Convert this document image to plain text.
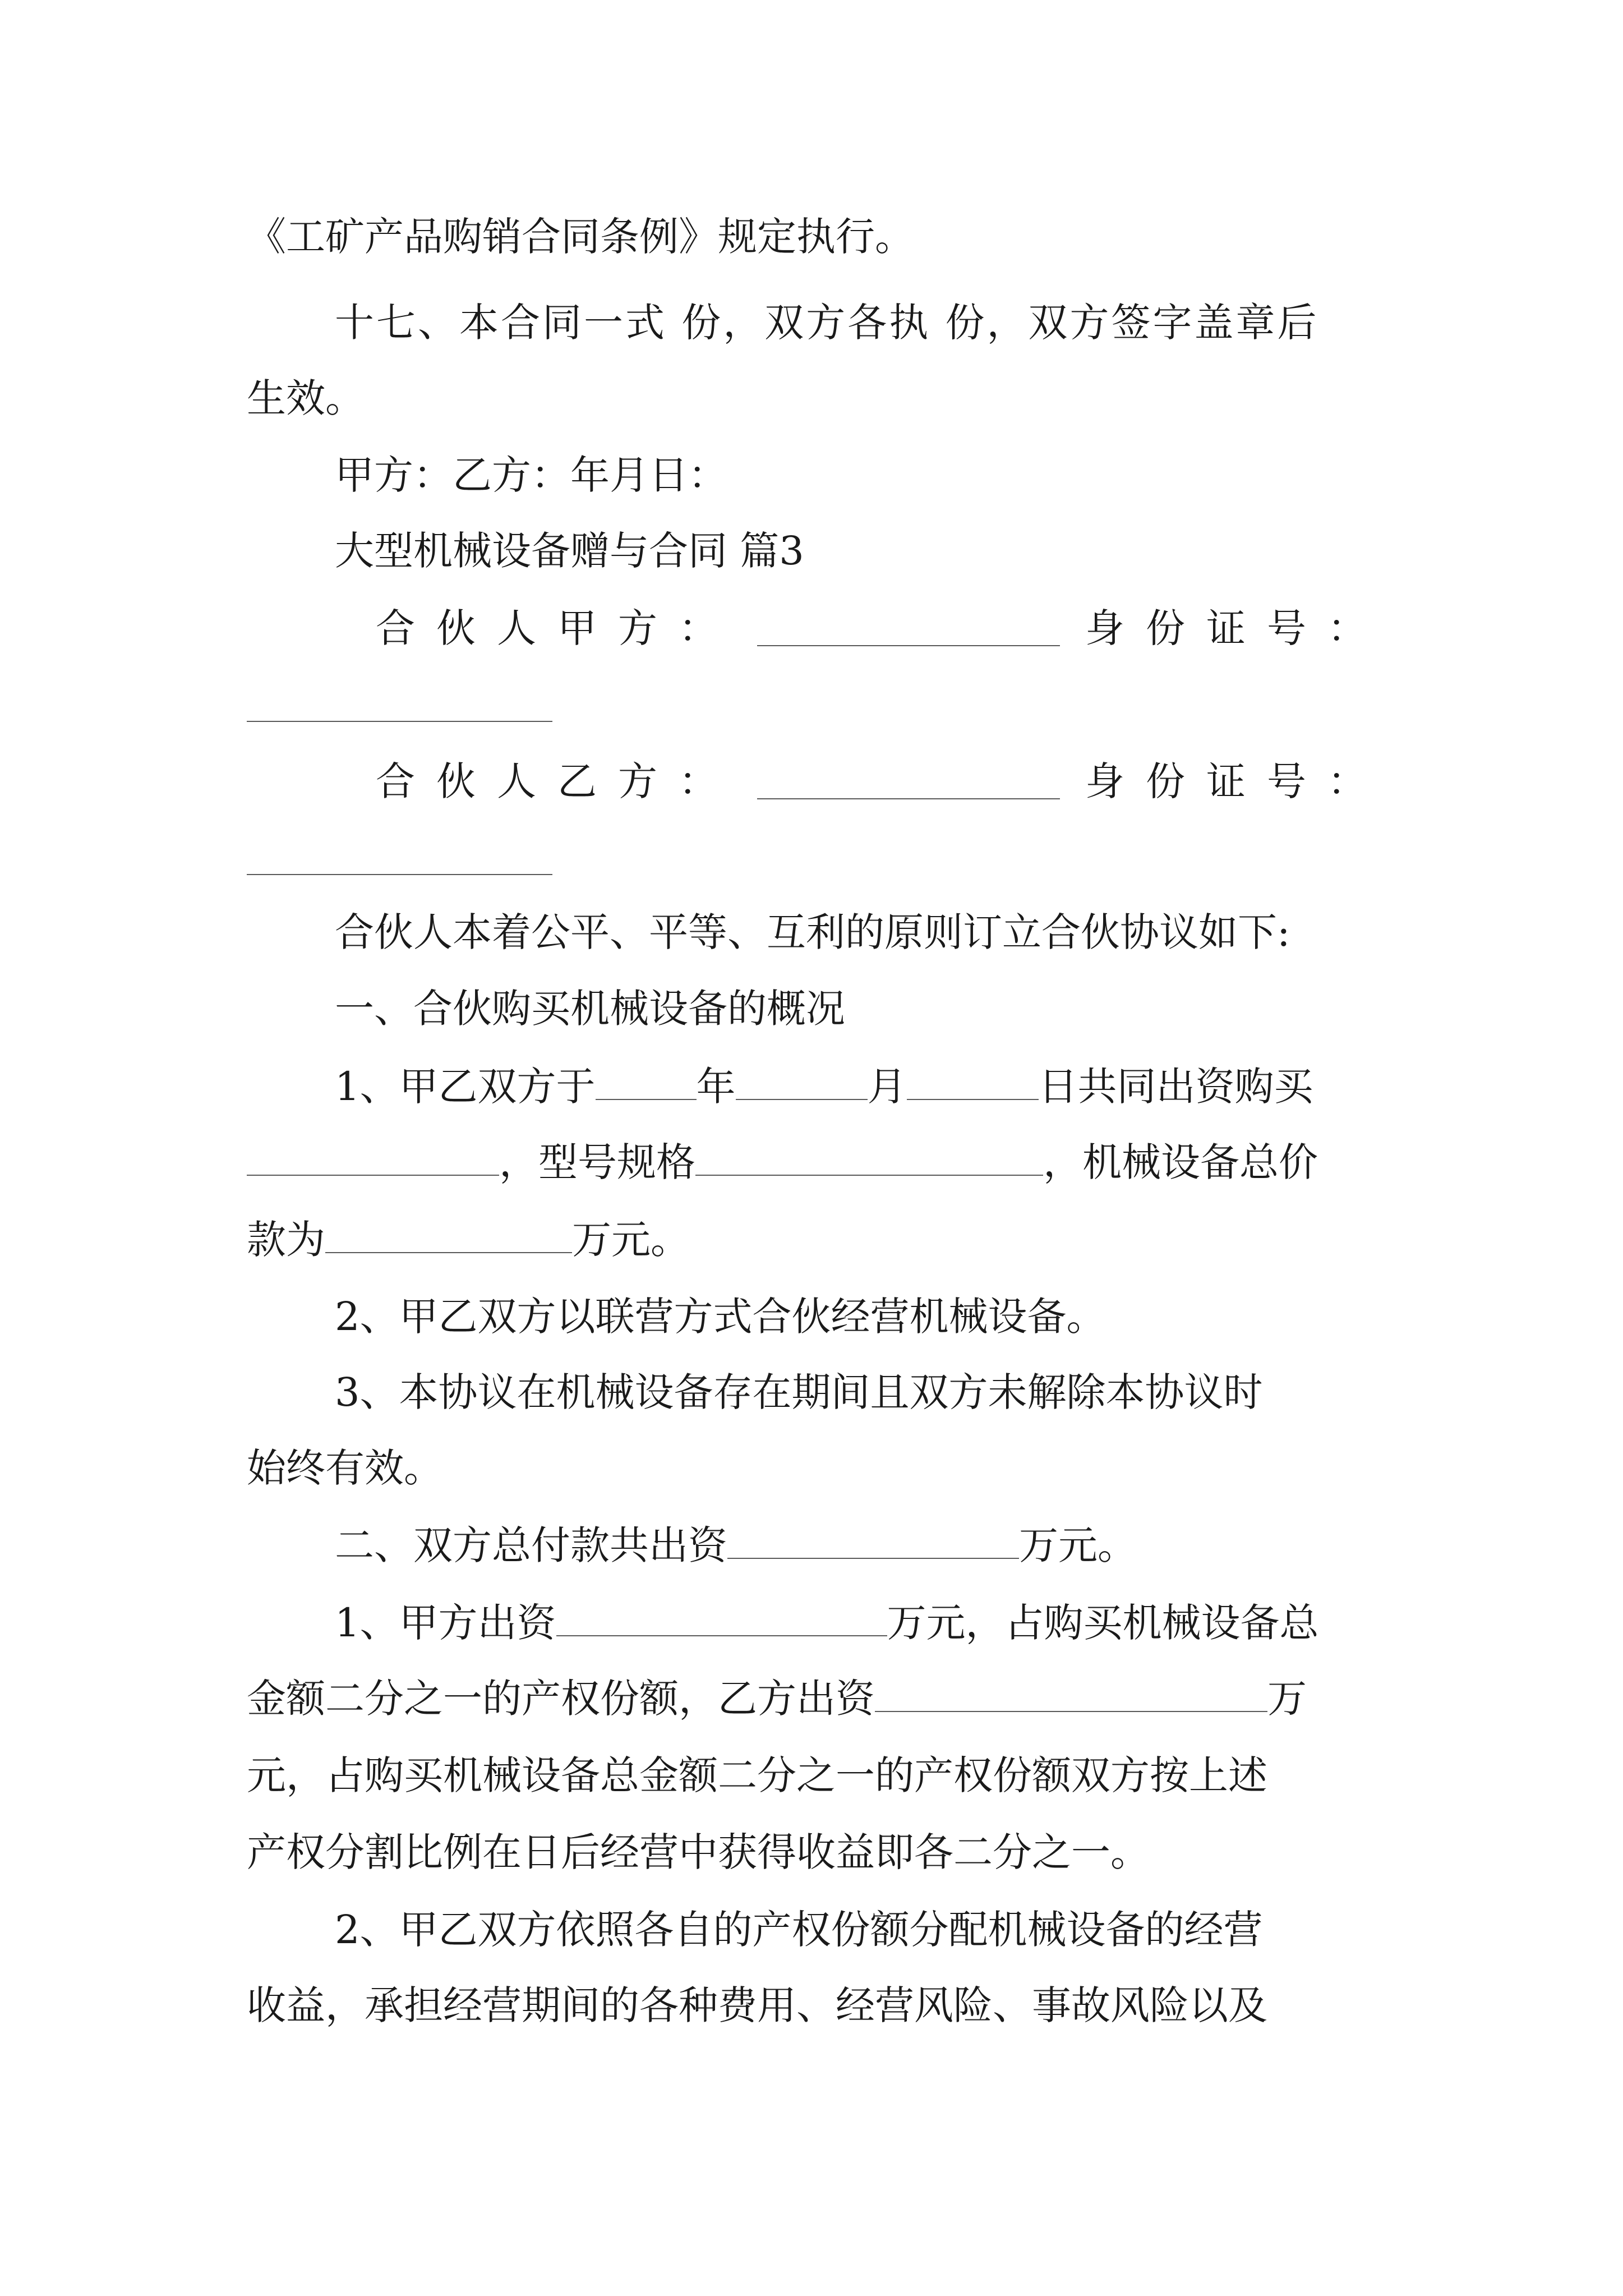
《工矿产品购销合同条例》规定执行。
十七、本合同一式 份，双方各执 份，双方签字盖章后
生效。
甲方：乙方：年月日：
大型机械设备赠与合同 篇3
合伙人甲方：	身份证号：
合伙人乙方：	身份证号：
合伙人本着公平、平等、互利的原则订立合伙协议如下:
一、合伙购买机械设备的概况
1、甲乙双方于	年	月	日共同出资购买
，型号规格	，机械设备总价
款为	万元。
2、甲乙双方以联营方式合伙经营机械设备。
3、本协议在机械设备存在期间且双方未解除本协议时
始终有效。
二、双方总付款共出资	万元。
1、甲方出资	万元，占购买机械设备总
金额二分之一的产权份额，乙方出资	万
元，占购买机械设备总金额二分之一的产权份额双方按上述
产权分割比例在日后经营中获得收益即各二分之一。
2、甲乙双方依照各自的产权份额分配机械设备的经营
收益，承担经营期间的各种费用、经营风险、事故风险以及
